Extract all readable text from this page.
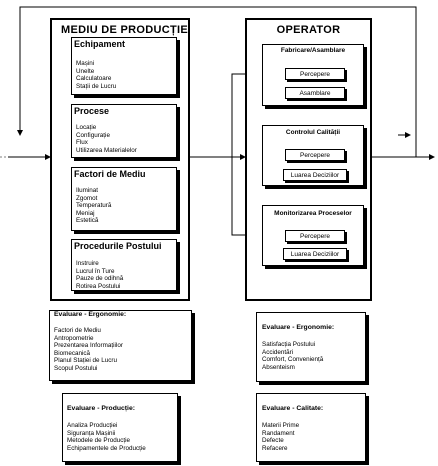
MEDIU DE PRODUCȚIE
Echipament
Mașini
Unelte
Calculatoare
Stații de Lucru
Procese
Locație
Configurație
Flux
Utilizarea Materialelor
Factori de Mediu
Iluminat
Zgomot
Temperatură
Meniaj
Estetică
Procedurile Postului
Instruire
Lucrul în Ture
Pauze de odihnă
Rotirea Postului
OPERATOR
Fabricare/Asamblare
Percepere
Asamblare
Controlul Calității
Percepere
Luarea Deciziilor
Monitorizarea Proceselor
Percepere
Luarea Deciziilor
Evaluare - Ergonomie:
Factori de Mediu
Antropometrie
Prezentarea Informațiilor
Biomecanică
Planul Stației de Lucru
Scopul Postului
Evaluare - Producție:
Analiza Producției
Siguranța Mașinii
Metodele de Producție
Echipamentele de Producție
Evaluare - Ergonomie:
Satisfacția Postului
Accidentări
Comfort, Conveniență
Absenteism
Evaluare - Calitate:
Materii Prime
Randament
Defecte
Refacere
